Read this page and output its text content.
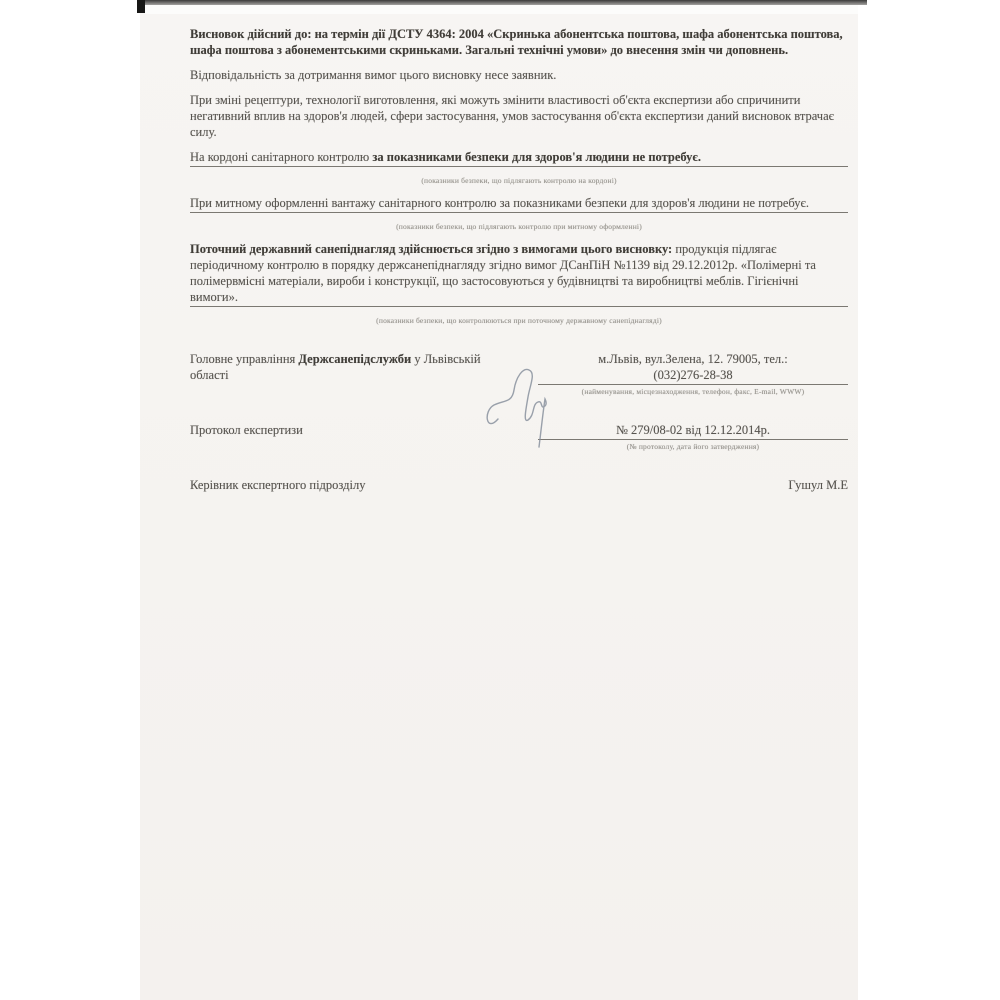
Висновок дійсний до: на термін дії ДСТУ 4364: 2004 «Скринька абонентська поштова, шафа абонентська поштова, шафа поштова з абонементськими скриньками. Загальні технічні умови» до внесення змін чи доповнень.

Відповідальність за дотримання вимог цього висновку несе заявник.

При зміні рецептури, технології виготовлення, які можуть змінити властивості об'єкта експертизи або спричинити негативний вплив на здоров'я людей, сфери застосування, умов застосування об'єкта експертизи даний висновок втрачає силу.

На кордоні санітарного контролю за показниками безпеки для здоров'я людини не потребує.
(показники безпеки, що підлягають контролю на кордоні)
При митному оформленні вантажу санітарного контролю за показниками безпеки для здоров'я людини не потребує.
(показники безпеки, що підлягають контролю при митному оформленні)
Поточний державний санепіднагляд здійснюється згідно з вимогами цього висновку: продукція підлягає періодичному контролю в порядку держсанепіднагляду згідно вимог ДСанПіН №1139 від 29.12.2012р. «Полімерні та полімервмісні матеріали, вироби і конструкції, що застосовуються у будівництві та виробництві меблів. Гігієнічні вимоги».
(показники безпеки, що контролюються при поточному державному санепіднагляді)
Головне управління Держсанепідслужби у Львівській області
м.Львів, вул.Зелена, 12. 79005, тел.:
(032)276-28-38
(найменування, місцезнаходження, телефон, факс, E-mail, WWW)
Протокол експертизи	№ 279/08-02 від 12.12.2014р.
(№ протоколу, дата його затвердження)
Керівник експертного підрозділу	Гушул М.Е
